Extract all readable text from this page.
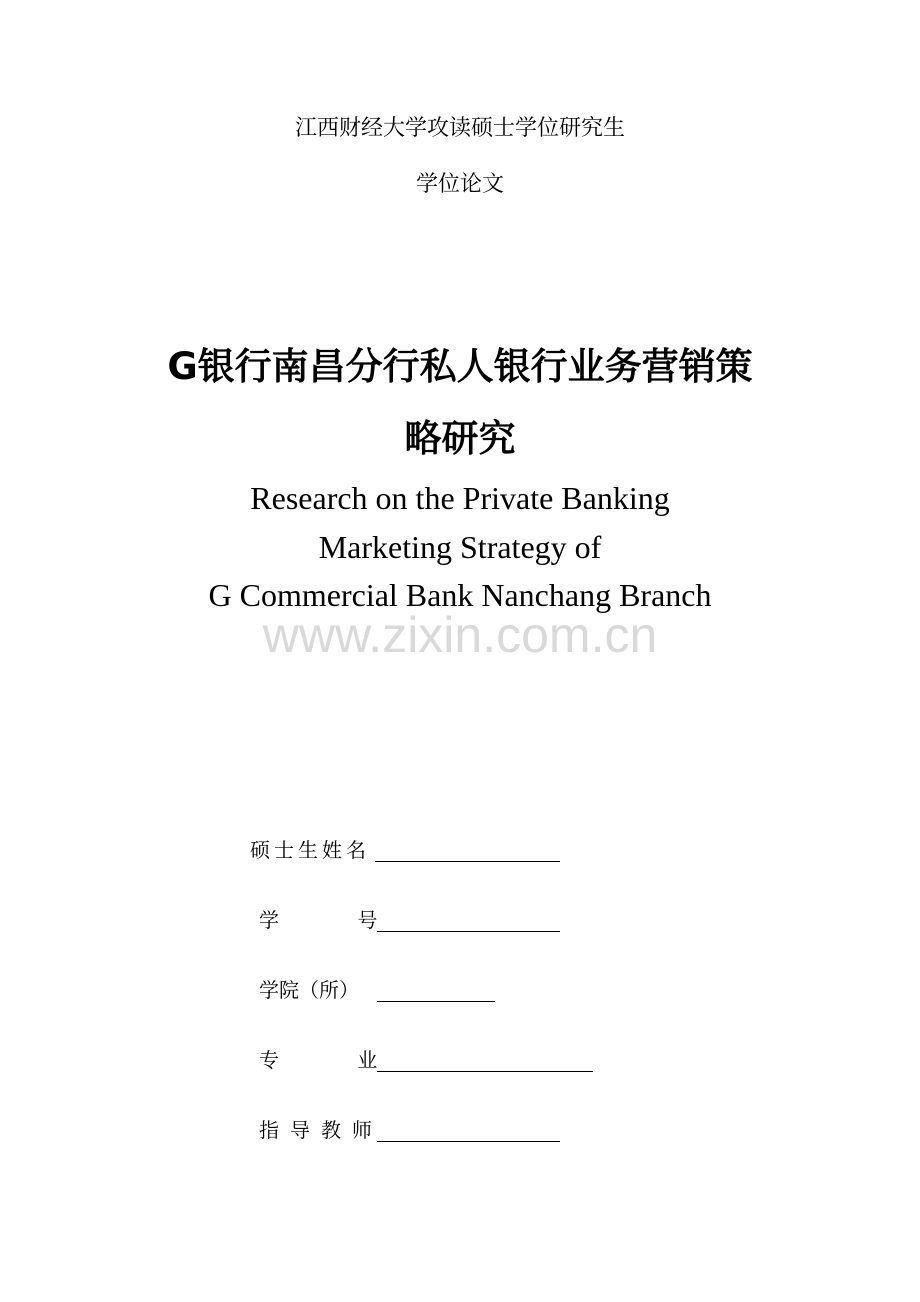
江西财经大学攻读硕士学位研究生
学位论文
G银行南昌分行私人银行业务营销策
略研究
Research on the Private Banking
Marketing Strategy of
G Commercial Bank Nanchang Branch
www.zixin.com.cn
硕士生姓名
学 号
学院（所）
专 业
指导教师
